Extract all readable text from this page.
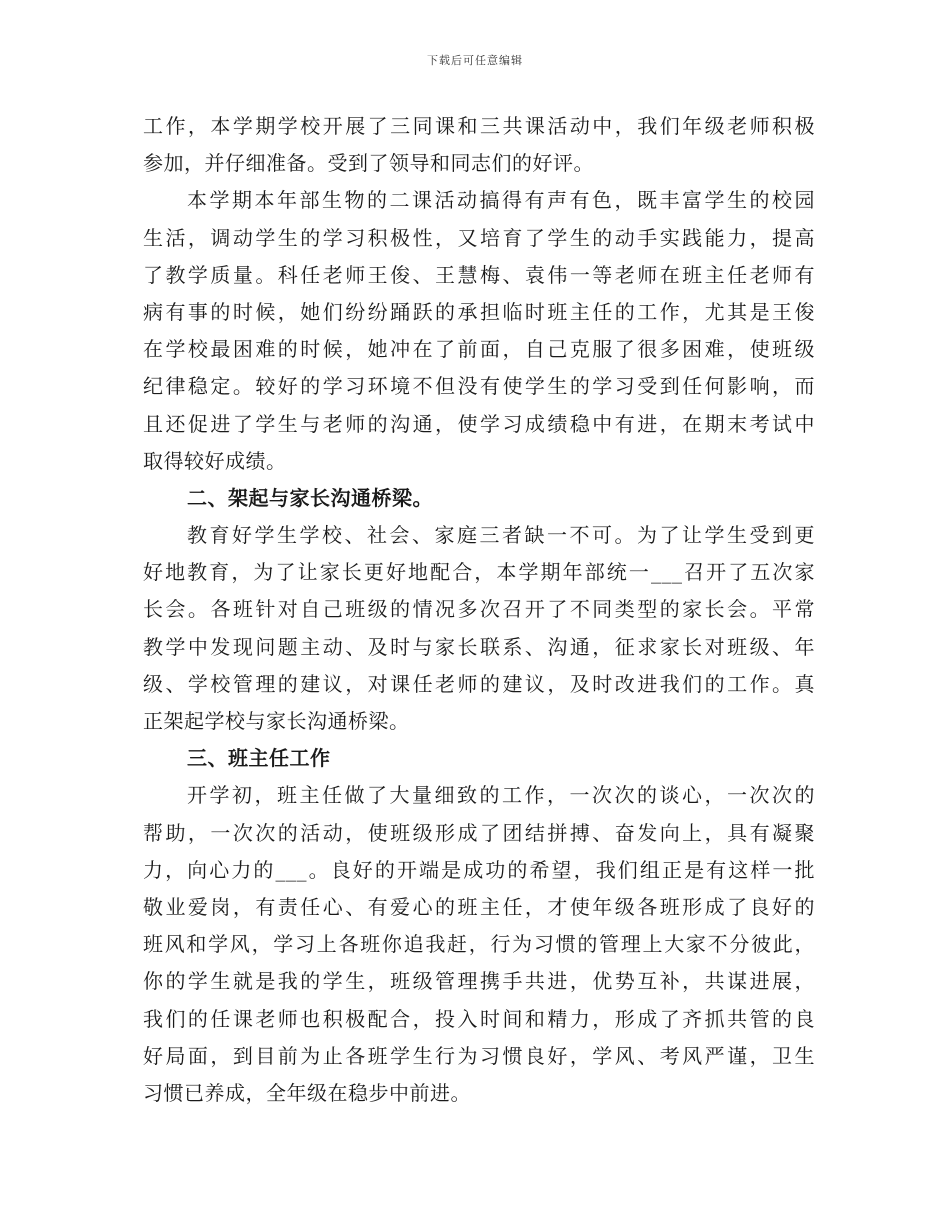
下载后可任意编辑
工作，本学期学校开展了三同课和三共课活动中，我们年级老师积极
参加，并仔细准备。受到了领导和同志们的好评。
本学期本年部生物的二课活动搞得有声有色，既丰富学生的校园
生活，调动学生的学习积极性，又培育了学生的动手实践能力，提高
了教学质量。科任老师王俊、王慧梅、袁伟一等老师在班主任老师有
病有事的时候，她们纷纷踊跃的承担临时班主任的工作，尤其是王俊
在学校最困难的时候，她冲在了前面，自己克服了很多困难，使班级
纪律稳定。较好的学习环境不但没有使学生的学习受到任何影响，而
且还促进了学生与老师的沟通，使学习成绩稳中有进，在期末考试中
取得较好成绩。
二、架起与家长沟通桥梁。
教育好学生学校、社会、家庭三者缺一不可。为了让学生受到更
好地教育，为了让家长更好地配合，本学期年部统一___召开了五次家
长会。各班针对自己班级的情况多次召开了不同类型的家长会。平常
教学中发现问题主动、及时与家长联系、沟通，征求家长对班级、年
级、学校管理的建议，对课任老师的建议，及时改进我们的工作。真
正架起学校与家长沟通桥梁。
三、班主任工作
开学初，班主任做了大量细致的工作，一次次的谈心，一次次的
帮助，一次次的活动，使班级形成了团结拼搏、奋发向上，具有凝聚
力，向心力的___。良好的开端是成功的希望，我们组正是有这样一批
敬业爱岗，有责任心、有爱心的班主任，才使年级各班形成了良好的
班风和学风，学习上各班你追我赶，行为习惯的管理上大家不分彼此，
你的学生就是我的学生，班级管理携手共进，优势互补，共谋进展，
我们的任课老师也积极配合，投入时间和精力，形成了齐抓共管的良
好局面，到目前为止各班学生行为习惯良好，学风、考风严谨，卫生
习惯已养成，全年级在稳步中前进。
